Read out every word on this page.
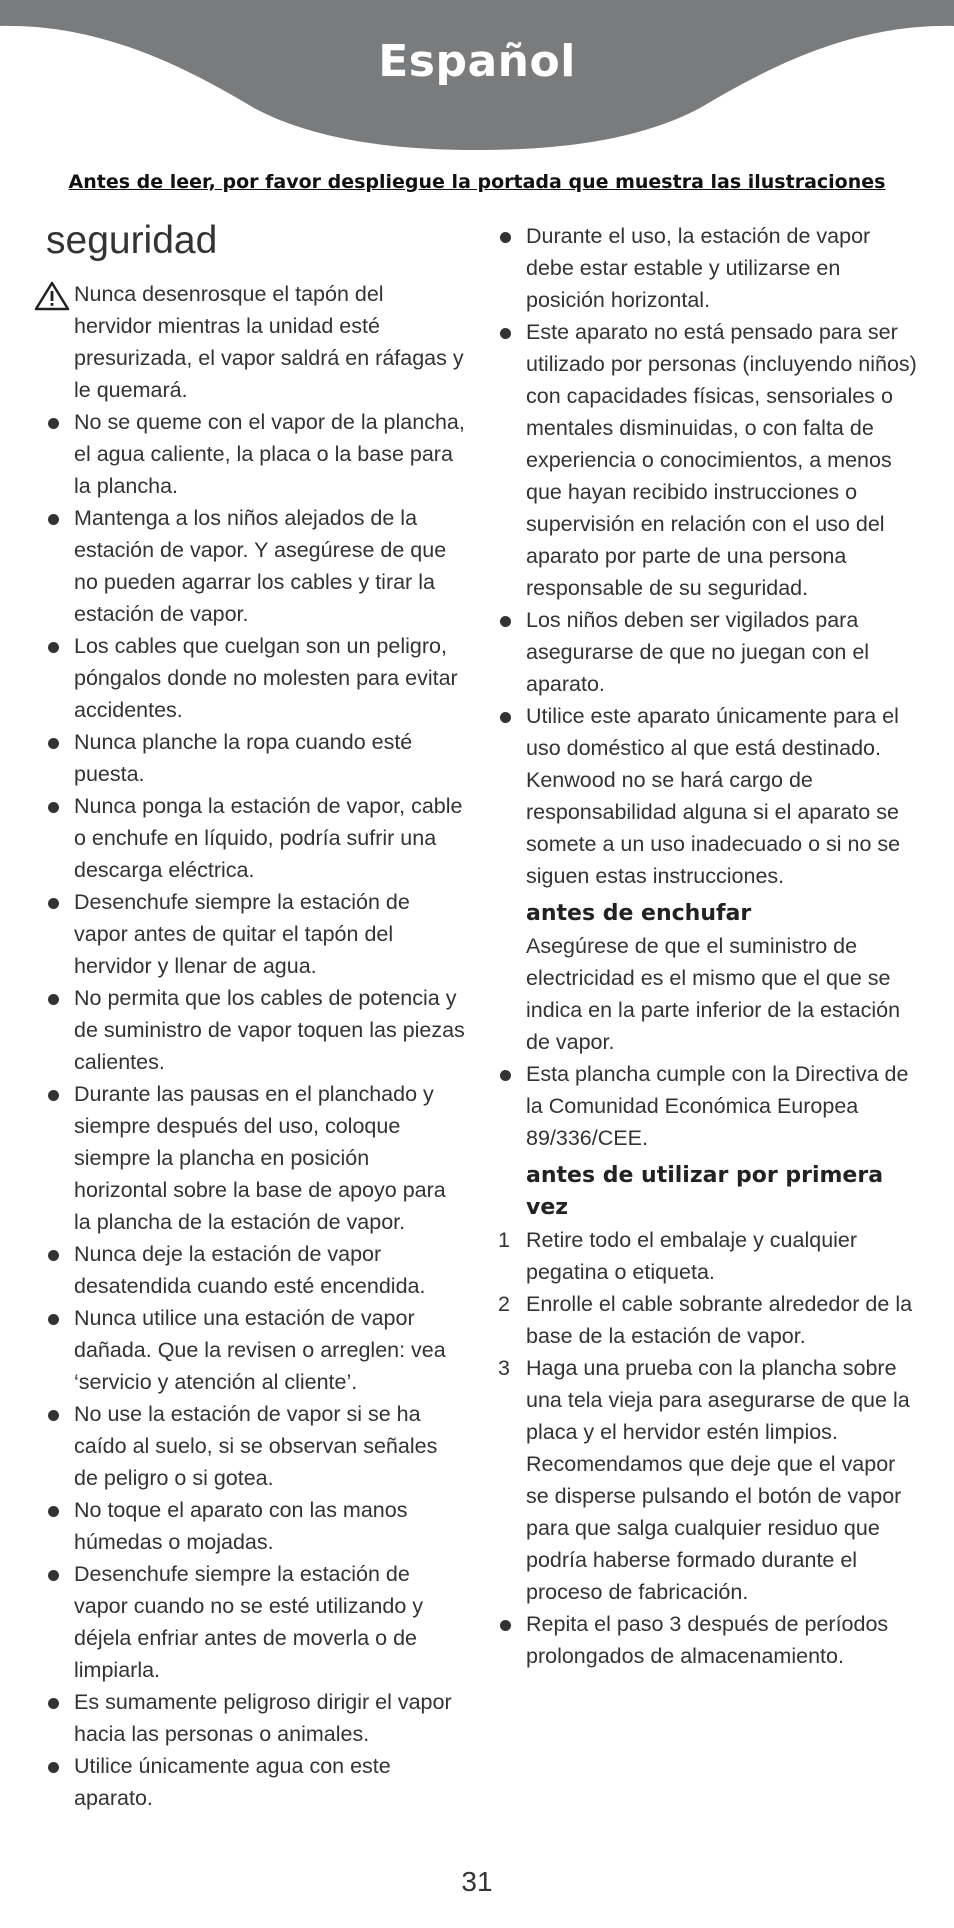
Español
Antes de leer, por favor despliegue la portada que muestra las ilustraciones
seguridad

Nunca desenrosque el tapón del hervidor mientras la unidad esté presurizada, el vapor saldrá en ráfagas y le quemará.

No se queme con el vapor de la plancha, el agua caliente, la placa o la base para la plancha.

Mantenga a los niños alejados de la estación de vapor. Y asegúrese de que no pueden agarrar los cables y tirar la estación de vapor.

Los cables que cuelgan son un peligro, póngalos donde no molesten para evitar accidentes.

Nunca planche la ropa cuando esté puesta.

Nunca ponga la estación de vapor, cable o enchufe en líquido, podría sufrir una descarga eléctrica.

Desenchufe siempre la estación de vapor antes de quitar el tapón del hervidor y llenar de agua.

No permita que los cables de potencia y de suministro de vapor toquen las piezas calientes.

Durante las pausas en el planchado y siempre después del uso, coloque siempre la plancha en posición horizontal sobre la base de apoyo para la plancha de la estación de vapor.

Nunca deje la estación de vapor desatendida cuando esté encendida.

Nunca utilice una estación de vapor dañada. Que la revisen o arreglen: vea ‘servicio y atención al cliente’.

No use la estación de vapor si se ha caído al suelo, si se observan señales de peligro o si gotea.

No toque el aparato con las manos húmedas o mojadas.

Desenchufe siempre la estación de vapor cuando no se esté utilizando y déjela enfriar antes de moverla o de limpiarla.

Es sumamente peligroso dirigir el vapor hacia las personas o animales.

Utilice únicamente agua con este aparato.

Durante el uso, la estación de vapor debe estar estable y utilizarse en posición horizontal.

Este aparato no está pensado para ser utilizado por personas (incluyendo niños) con capacidades físicas, sensoriales o mentales disminuidas, o con falta de experiencia o conocimientos, a menos que hayan recibido instrucciones o supervisión en relación con el uso del aparato por parte de una persona responsable de su seguridad.

Los niños deben ser vigilados para asegurarse de que no juegan con el aparato.

Utilice este aparato únicamente para el uso doméstico al que está destinado. Kenwood no se hará cargo de responsabilidad alguna si el aparato se somete a un uso inadecuado o si no se siguen estas instrucciones.

antes de enchufar

Asegúrese de que el suministro de electricidad es el mismo que el que se indica en la parte inferior de la estación de vapor.

Esta plancha cumple con la Directiva de la Comunidad Económica Europea 89/336/CEE.

antes de utilizar por primera vez

1 Retire todo el embalaje y cualquier pegatina o etiqueta.

2 Enrolle el cable sobrante alrededor de la base de la estación de vapor.

3 Haga una prueba con la plancha sobre una tela vieja para asegurarse de que la placa y el hervidor estén limpios. Recomendamos que deje que el vapor se disperse pulsando el botón de vapor para que salga cualquier residuo que podría haberse formado durante el proceso de fabricación.

Repita el paso 3 después de períodos prolongados de almacenamiento.

31
